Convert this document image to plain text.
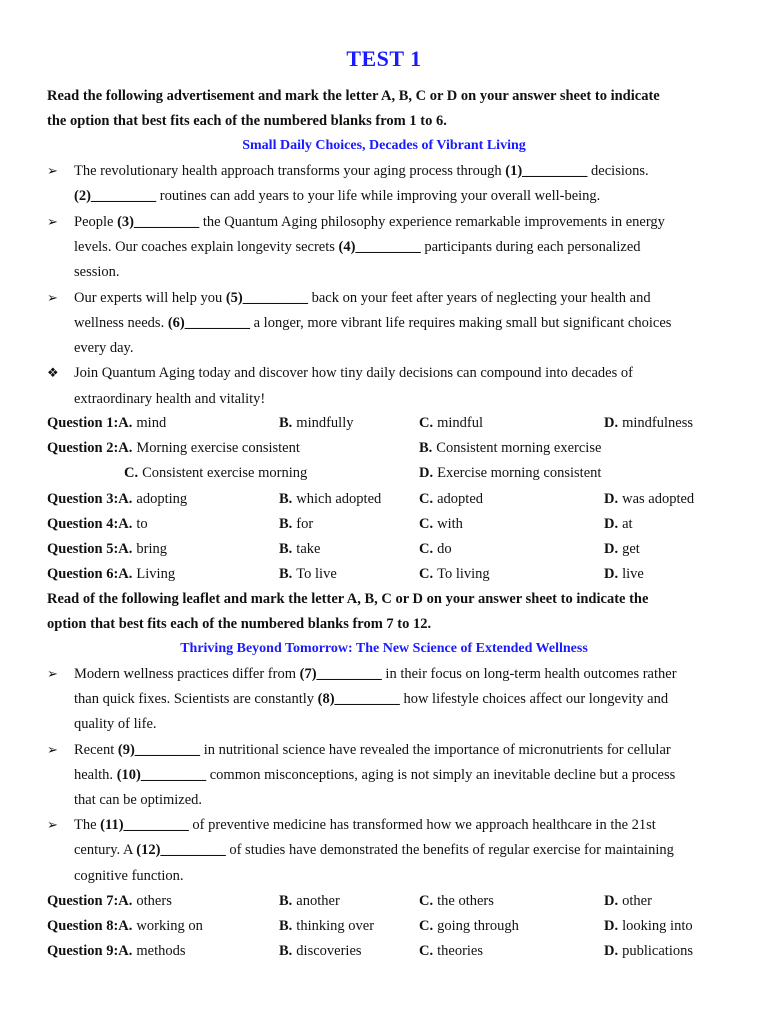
TEST 1
Read the following advertisement and mark the letter A, B, C or D on your answer sheet to indicate
the option that best fits each of the numbered blanks from 1 to 6.
Small Daily Choices, Decades of Vibrant Living
➢	The revolutionary health approach transforms your aging process through (1)_________ decisions.
(2)_________ routines can add years to your life while improving your overall well-being.
➢	People (3)_________ the Quantum Aging philosophy experience remarkable improvements in energy
levels. Our coaches explain longevity secrets (4)_________ participants during each personalized
session.
➢	Our experts will help you (5)_________ back on your feet after years of neglecting your health and
wellness needs. (6)_________ a longer, more vibrant life requires making small but significant choices
every day.
❖	Join Quantum Aging today and discover how tiny daily decisions can compound into decades of
extraordinary health and vitality!
Question 1:A. mind	B. mindfully	C. mindful	D. mindfulness
Question 2:A. Morning exercise consistent	B. Consistent morning exercise
C. Consistent exercise morning	D. Exercise morning consistent
Question 3:A. adopting	B. which adopted	C. adopted	D. was adopted
Question 4:A. to	B. for	C. with	D. at
Question 5:A. bring	B. take	C. do	D. get
Question 6:A. Living	B. To live	C. To living	D. live
Read of the following leaflet and mark the letter A, B, C or D on your answer sheet to indicate the
option that best fits each of the numbered blanks from 7 to 12.
Thriving Beyond Tomorrow: The New Science of Extended Wellness
➢	Modern wellness practices differ from (7)_________ in their focus on long-term health outcomes rather
than quick fixes. Scientists are constantly (8)_________ how lifestyle choices affect our longevity and
quality of life.
➢	Recent (9)_________ in nutritional science have revealed the importance of micronutrients for cellular
health. (10)_________ common misconceptions, aging is not simply an inevitable decline but a process
that can be optimized.
➢	The (11)_________ of preventive medicine has transformed how we approach healthcare in the 21st
century. A (12)_________ of studies have demonstrated the benefits of regular exercise for maintaining
cognitive function.
Question 7:A. others	B. another	C. the others	D. other
Question 8:A. working on	B. thinking over	C. going through	D. looking into
Question 9:A. methods	B. discoveries	C. theories	D. publications
